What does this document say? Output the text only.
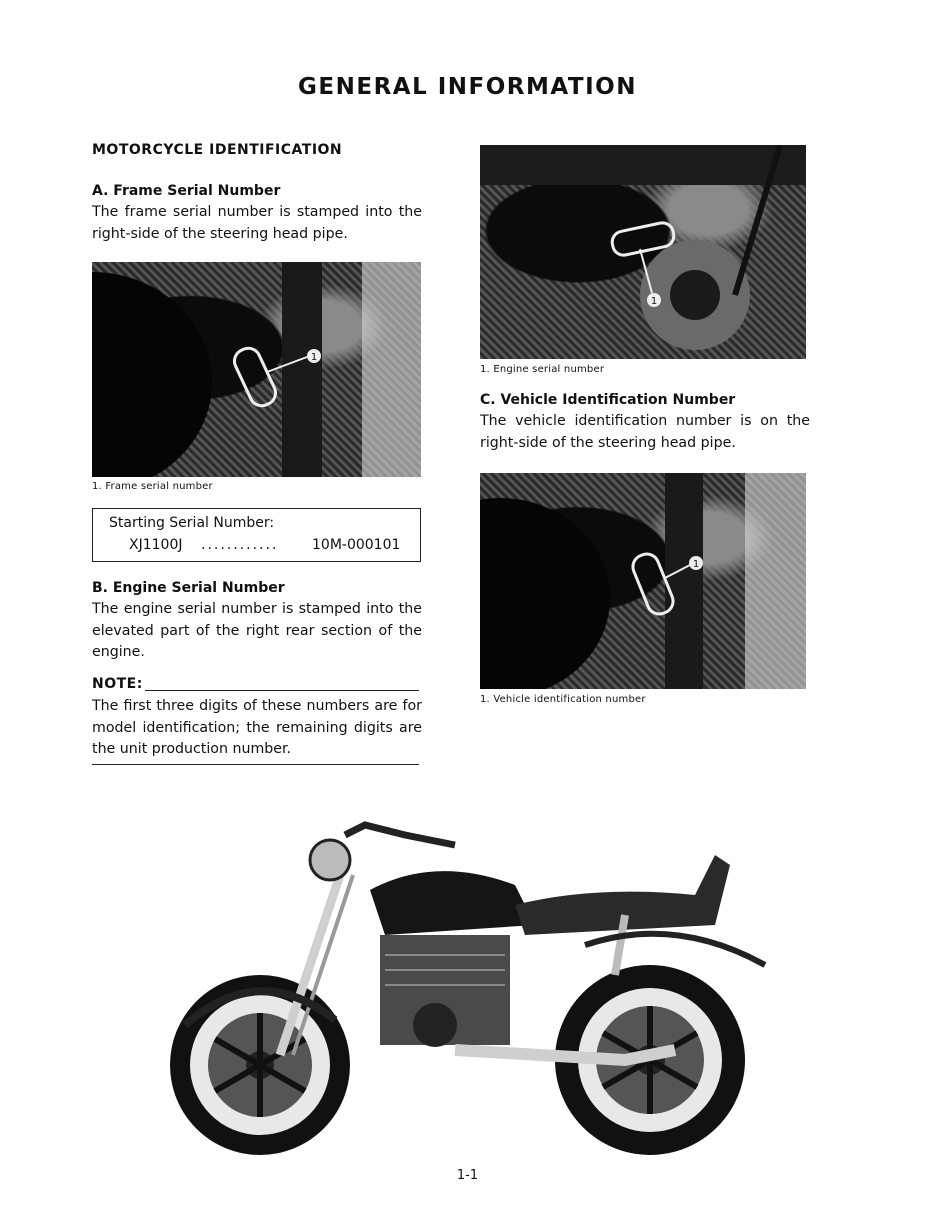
GENERAL INFORMATION
MOTORCYCLE IDENTIFICATION
A. Frame Serial Number
The frame serial number is stamped into the right-side of the steering head pipe.
1
1. Frame serial number
Starting Serial Number:
XJ1100J ............ 10M-000101
B. Engine Serial Number
The engine serial number is stamped into the elevated part of the right rear section of the engine.
NOTE:
The first three digits of these numbers are for model identification; the remaining digits are the unit production number.
1
1. Engine serial number
C. Vehicle Identification Number
The vehicle identification number is on the right-side of the steering head pipe.
1
1. Vehicle identification number
1-1
